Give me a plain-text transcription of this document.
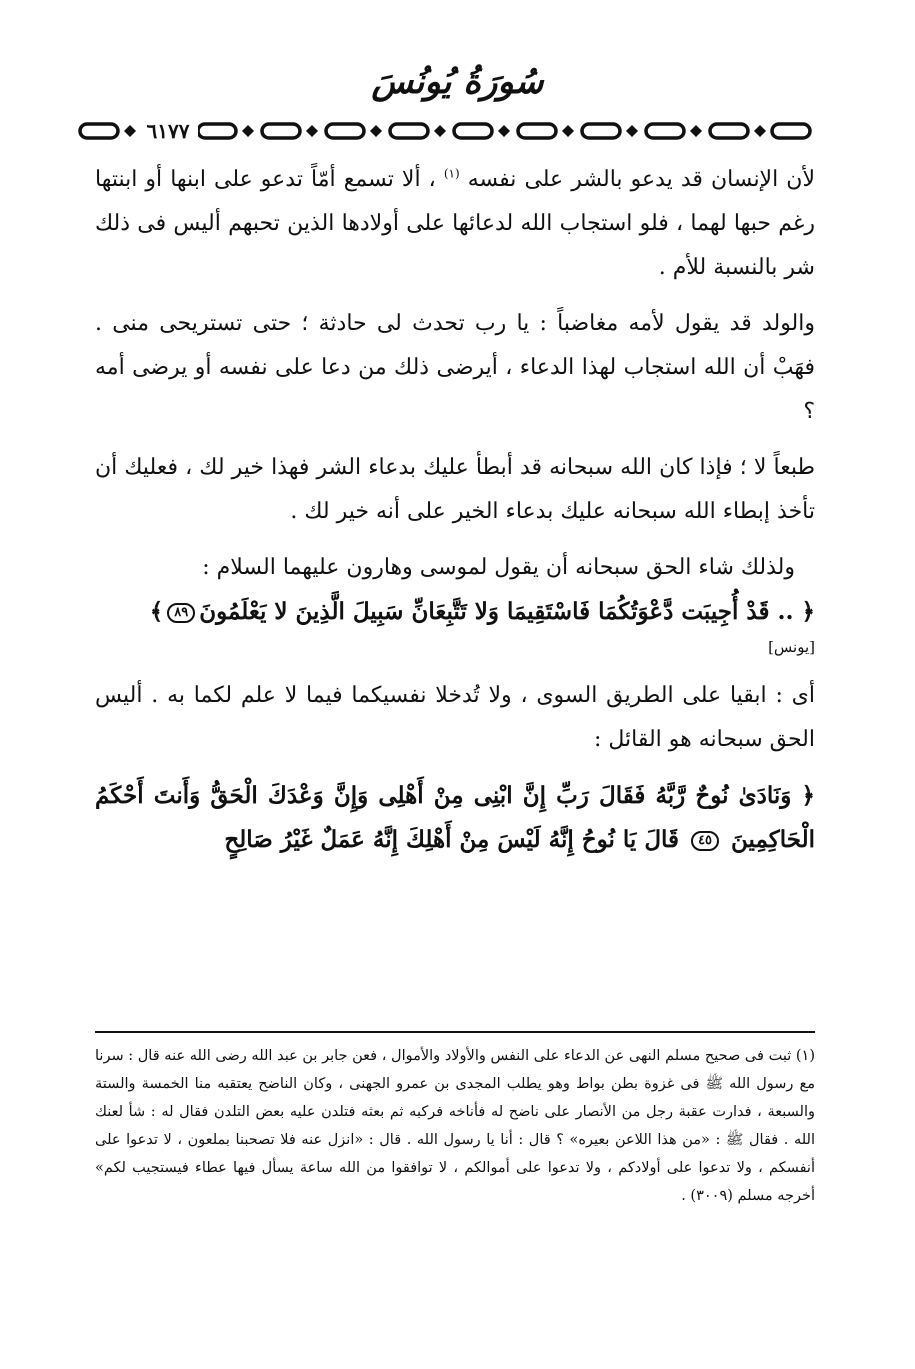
سُورَةُ يُونُسَ
٦١٧٧

لأن الإنسان قد يدعو بالشر على نفسه $^{(١)}$ ، ألا تسمع أمّاً تدعو على ابنها أو ابنتها رغم حبها لهما ، فلو استجاب الله لدعائها على أولادها الذين تحبهم أليس فى ذلك شر بالنسبة للأم .

والولد قد يقول لأمه مغاضباً : يا رب تحدث لى حادثة ؛ حتى تستريحى منى . فهَبْ أن الله استجاب لهذا الدعاء ، أيرضى ذلك من دعا على نفسه أو يرضى أمه ؟

طبعاً لا ؛ فإذا كان الله سبحانه قد أبطأ عليك بدعاء الشر فهذا خير لك ، فعليك أن تأخذ إبطاء الله سبحانه عليك بدعاء الخير على أنه خير لك .

ولذلك شاء الحق سبحانه أن يقول لموسى وهارون عليهما السلام :

﴿ .. قَدْ أُجِيبَت دَّعْوَتُكُمَا فَاسْتَقِيمَا وَلا تَتَّبِعَانِّ سَبِيلَ الَّذِينَ لا يَعْلَمُونَ٨٩﴾

[يونس]

أى : ابقيا على الطريق السوى ، ولا تُدخلا نفسيكما فيما لا علم لكما به . أليس الحق سبحانه هو القائل :

﴿ وَنَادَىٰ نُوحٌ رَّبَّهُ فَقَالَ رَبِّ إِنَّ ابْنِى مِنْ أَهْلِى وَإِنَّ وَعْدَكَ الْحَقُّ وَأَنتَ أَحْكَمُ الْحَاكِمِينَ ٤٥ قَالَ يَا نُوحُ إِنَّهُ لَيْسَ مِنْ أَهْلِكَ إِنَّهُ عَمَلٌ غَيْرُ صَالِحٍ

(١) ثبت فى صحيح مسلم النهى عن الدعاء على النفس والأولاد والأموال ، فعن جابر بن عبد الله رضى الله عنه قال : سرنا مع رسول الله ﷺ فى غزوة بطن بواط وهو يطلب المجدى بن عمرو الجهنى ، وكان الناضح يعتقبه منا الخمسة والستة والسبعة ، فدارت عقبة رجل من الأنصار على ناضح له فأناخه فركبه ثم بعثه فتلدن عليه بعض التلدن فقال له : شأ لعنك الله . فقال ﷺ : «من هذا اللاعن بعيره» ؟ قال : أنا يا رسول الله . قال : «انزل عنه فلا تصحبنا بملعون ، لا تدعوا على أنفسكم ، ولا تدعوا على أولادكم ، ولا تدعوا على أموالكم ، لا توافقوا من الله ساعة يسأل فيها عطاء فيستجيب لكم» أخرجه مسلم (٣٠٠٩) .
